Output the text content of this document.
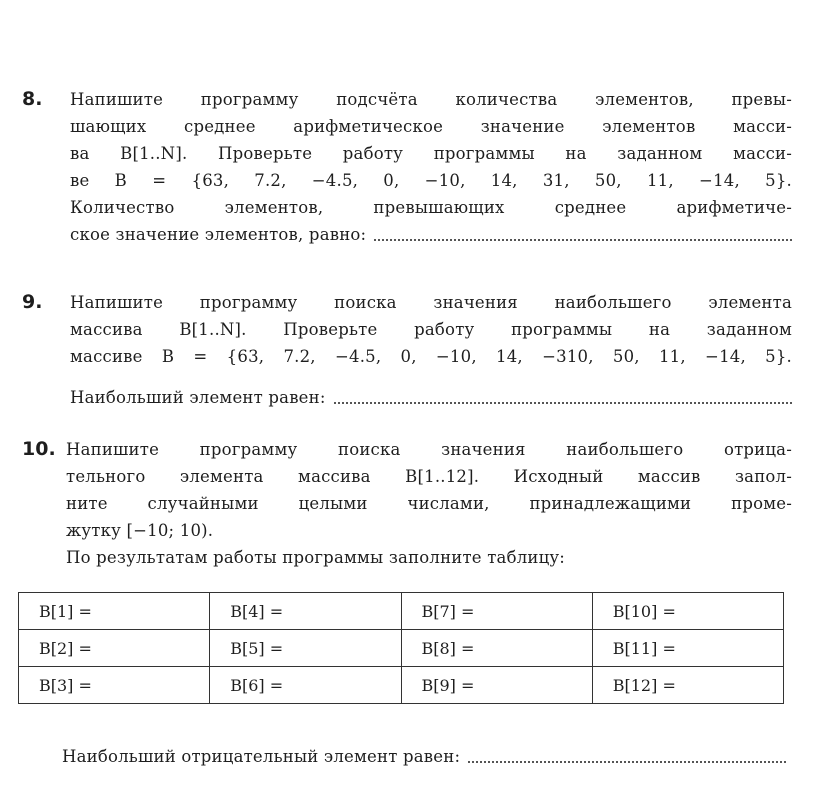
8. Напишите программу подсчёта количества элементов, превы-
шающих среднее арифметическое значение элементов масси-
ва B[1..N]. Проверьте работу программы на заданном масси-
ве B = {63, 7.2, −4.5, 0, −10, 14, 31, 50, 11, −14, 5}.
Количество элементов, превышающих среднее арифметиче-
ское значение элементов, равно:
9. Напишите программу поиска значения наибольшего элемента
массива B[1..N]. Проверьте работу программы на заданном
массиве B = {63, 7.2, −4.5, 0, −10, 14, −310, 50, 11, −14, 5}.
Наибольший элемент равен:
10. Напишите программу поиска значения наибольшего отрица-
тельного элемента массива B[1..12]. Исходный массив запол-
ните случайными целыми числами, принадлежащими проме-
жутку [−10; 10).
По результатам работы программы заполните таблицу:
B[1] =	B[4] =	B[7] =	B[10] =
B[2] =	B[5] =	B[8] =	B[11] =
B[3] =	B[6] =	B[9] =	B[12] =
Наибольший отрицательный элемент равен:
